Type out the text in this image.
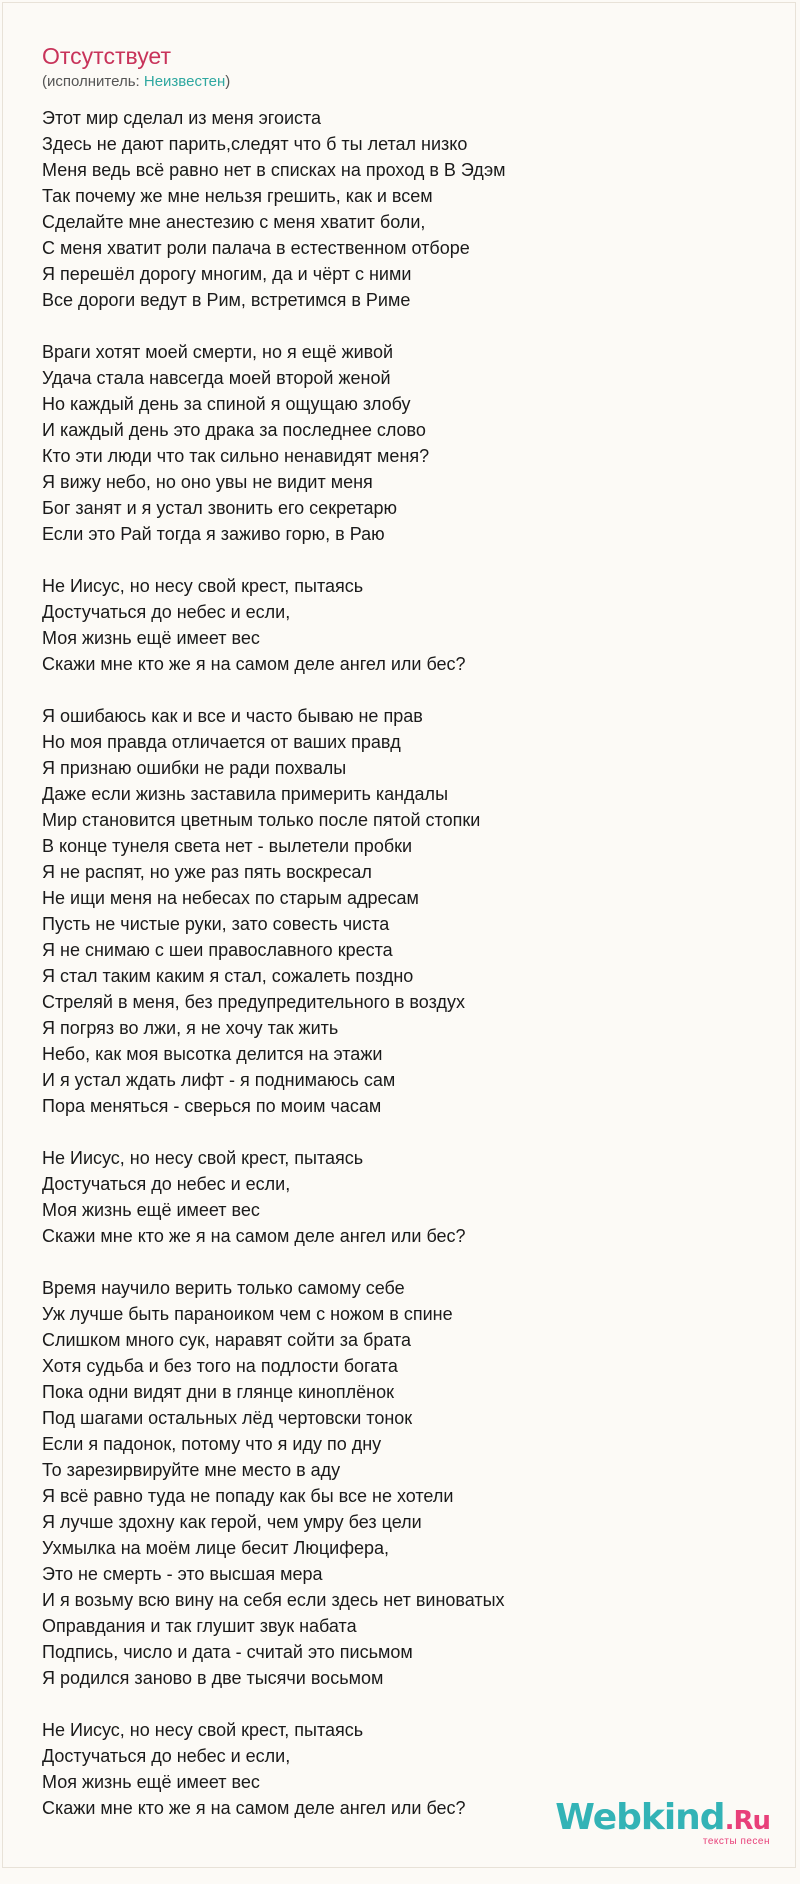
Отсутствует
(исполнитель: Неизвестен)
Этот мир сделал из меня эгоиста
Здесь не дают парить,следят что б ты летал низко
Меня ведь всё равно нет в списках на проход в В Эдэм
Так почему же мне нельзя грешить, как и всем
Сделайте мне анестезию с меня хватит боли,
С меня хватит роли палача в естественном отборе
Я перешёл дорогу многим, да и чёрт с ними
Все дороги ведут в Рим, встретимся в Риме
Враги хотят моей смерти, но я ещё живой
Удача стала навсегда моей второй женой
Но каждый день за спиной я ощущаю злобу
И каждый день это драка за последнее слово
Кто эти люди что так сильно ненавидят меня?
Я вижу небо, но оно увы не видит меня
Бог занят и я устал звонить его секретарю
Если это Рай тогда я заживо горю, в Раю
Не Иисус, но несу свой крест, пытаясь
Достучаться до небес и если,
Моя жизнь ещё имеет вес
Скажи мне кто же я на самом деле ангел или бес?
Я ошибаюсь как и все и часто бываю не прав
Но моя правда отличается от ваших правд
Я признаю ошибки не ради похвалы
Даже если жизнь заставила примерить кандалы
Мир становится цветным только после пятой стопки
В конце тунеля света нет - вылетели пробки
Я не распят, но уже раз пять воскресал
Не ищи меня на небесах по старым адресам
Пусть не чистые руки, зато совесть чиста
Я не снимаю с шеи православного креста
Я стал таким каким я стал, сожалеть поздно
Стреляй в меня, без предупредительного в воздух
Я погряз во лжи, я не хочу так жить
Небо, как моя высотка делится на этажи
И я устал ждать лифт - я поднимаюсь сам
Пора меняться - сверься по моим часам
Не Иисус, но несу свой крест, пытаясь
Достучаться до небес и если,
Моя жизнь ещё имеет вес
Скажи мне кто же я на самом деле ангел или бес?
Время научило верить только самому себе
Уж лучше быть параноиком чем с ножом в спине
Слишком много сук, наравят сойти за брата
Хотя судьба и без того на подлости богата
Пока одни видят дни в глянце киноплёнок
Под шагами остальных лёд чертовски тонок
Если я падонок, потому что я иду по дну
То зарезирвируйте мне место в аду
Я всё равно туда не попаду как бы все не хотели
Я лучше здохну как герой, чем умру без цели
Ухмылка на моём лице бесит Люцифера,
Это не смерть - это высшая мера
И я возьму всю вину на себя если здесь нет виноватых
Оправдания и так глушит звук набата
Подпись, число и дата - считай это письмом
Я родился заново в две тысячи восьмом
Не Иисус, но несу свой крест, пытаясь
Достучаться до небес и если,
Моя жизнь ещё имеет вес
Скажи мне кто же я на самом деле ангел или бес?	Webkind.Ru
тексты песен
